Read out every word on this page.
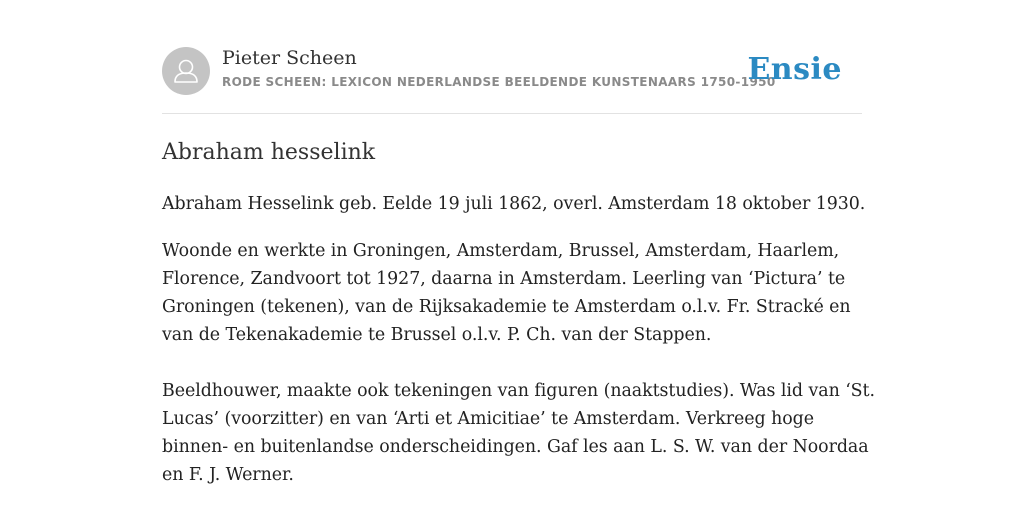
Pieter Scheen
RODE SCHEEN: LEXICON NEDERLANDSE BEELDENDE KUNSTENAARS 1750-1950
Ensie
Abraham hesselink
Abraham Hesselink geb. Eelde 19 juli 1862, overl. Amsterdam 18 oktober 1930.
Woonde en werkte in Groningen, Amsterdam, Brussel, Amsterdam, Haarlem,
Florence, Zandvoort tot 1927, daarna in Amsterdam. Leerling van ‘Pictura’ te
Groningen (tekenen), van de Rijksakademie te Amsterdam o.l.v. Fr. Stracké en
van de Tekenakademie te Brussel o.l.v. P. Ch. van der Stappen.
Beeldhouwer, maakte ook tekeningen van figuren (naaktstudies). Was lid van ‘St.
Lucas’ (voorzitter) en van ‘Arti et Amicitiae’ te Amsterdam. Verkreeg hoge
binnen- en buitenlandse onderscheidingen. Gaf les aan L. S. W. van der Noordaa
en F. J. Werner.
